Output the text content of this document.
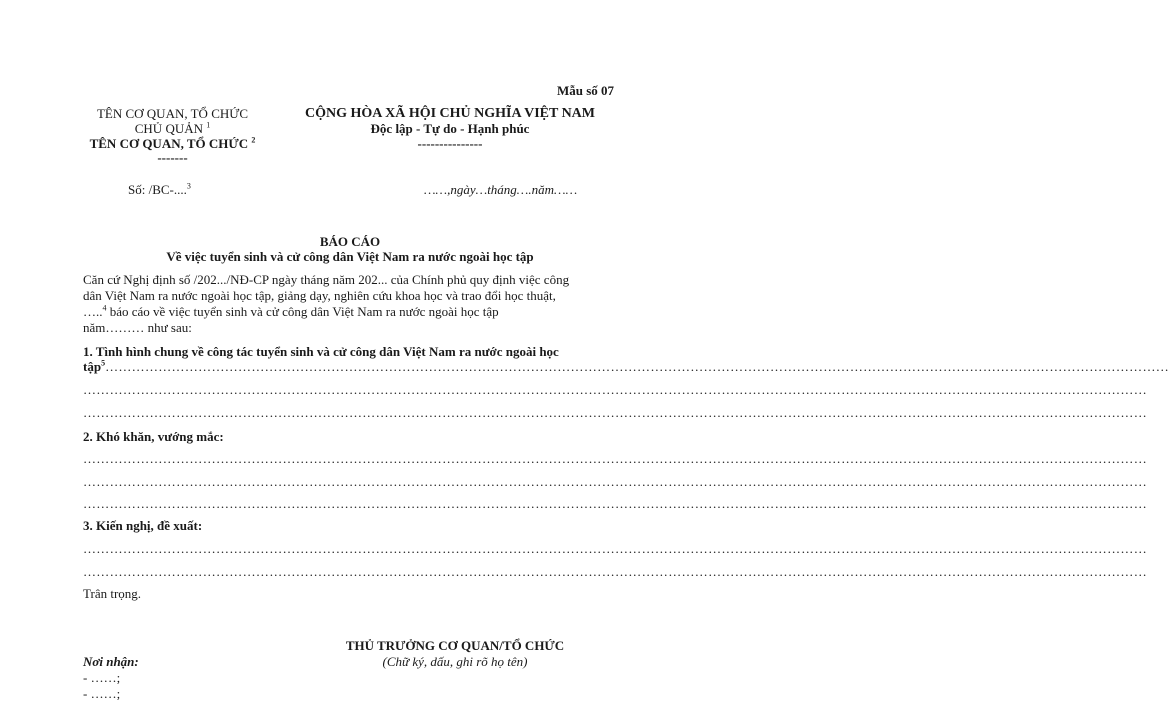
Mẫu số 07
TÊN CƠ QUAN, TỔ CHỨC
CHỦ QUẢN $^1$
TÊN CƠ QUAN, TỔ CHỨC $^2$
-------
Số: /BC-....$^3$
CỘNG HÒA XÃ HỘI CHỦ NGHĨA VIỆT NAM
Độc lập - Tự do - Hạnh phúc
---------------
……,ngày…tháng….năm……
BÁO CÁO
Về việc tuyển sinh và cử công dân Việt Nam ra nước ngoài học tập
Căn cứ Nghị định số /202.../NĐ-CP ngày tháng năm 202... của Chính phủ quy định việc công
dân Việt Nam ra nước ngoài học tập, giảng dạy, nghiên cứu khoa học và trao đổi học thuật,
…..$^4$ báo cáo về việc tuyển sinh và cử công dân Việt Nam ra nước ngoài học tập
năm……… như sau:
1. Tình hình chung về công tác tuyển sinh và cử công dân Việt Nam ra nước ngoài học
tập$^5$……………………………………………………………………………………………………………………………………………………………………………………………………………………
……………………………………………………………………………………………………………………………………………………………………………………………………………………
……………………………………………………………………………………………………………………………………………………………………………………………………………………
2. Khó khăn, vướng mắc:
……………………………………………………………………………………………………………………………………………………………………………………………………………………
……………………………………………………………………………………………………………………………………………………………………………………………………………………
……………………………………………………………………………………………………………………………………………………………………………………………………………………
3. Kiến nghị, đề xuất:
……………………………………………………………………………………………………………………………………………………………………………………………………………………
……………………………………………………………………………………………………………………………………………………………………………………………………………………
Trân trọng.
THỦ TRƯỞNG CƠ QUAN/TỔ CHỨC
(Chữ ký, dấu, ghi rõ họ tên)
Nơi nhận:
- ……;
- ……;
